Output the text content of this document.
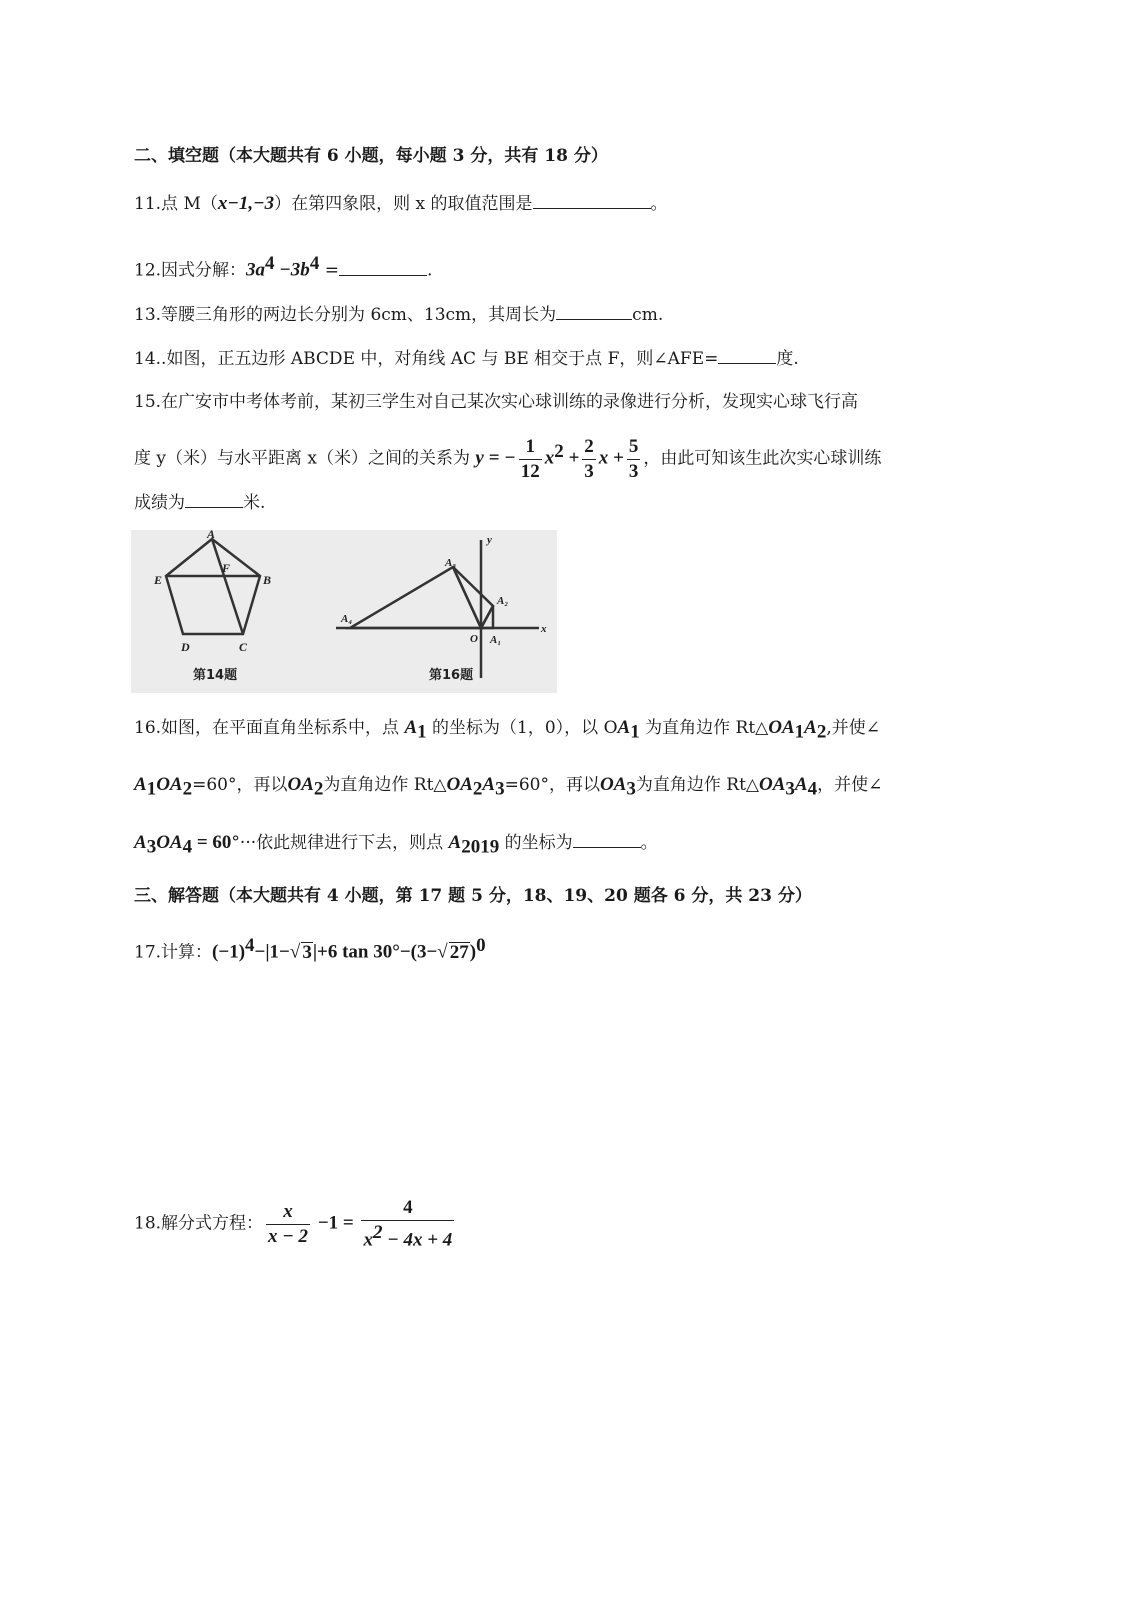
二、填空题（本大题共有 6 小题，每小题 3 分，共有 18 分）
11.点 M（x−1,−3）在第四象限，则 x 的取值范围是	。
12.因式分解：$3a^4 -3b^4$ =	.
13.等腰三角形的两边长分别为 6cm、13cm，其周长为	cm.
14..如图，正五边形 ABCDE 中，对角线 AC 与 BE 相交于点 F，则∠AFE=	度.
15.在广安市中考体考前，某初三学生对自己某次实心球训练的录像进行分析，发现实心球飞行高
度 y（米）与水平距离 x（米）之间的关系为 y = − $\frac{1}{12} x^2 + \frac{2}{3}$ $x + \frac{5}{3}$ ，由此可知该生此次实心球训练
成绩为	米.
A
B
C
D
E
F
第14题
y
x
O A₁
A₂
A₃
A₄
第16题
16.如图，在平面直角坐标系中，点 $A_1$ 的坐标为（1，0），以 $OA_1$ 为直角边作 $Rt\triangle OA_1A_2$,并使∠
$A_1OA_2=60^\circ$，再以$OA_2$为直角边作 $Rt\triangle OA_2A_3=60^\circ$，再以$OA_3$为直角边作 $Rt\triangle OA_3A_4$，并使∠
$A_3OA_4 = 60^\circ\cdot\cdot\cdot$依此规律进行下去，则点 $A_{2019}$ 的坐标为	。
三、解答题（本大题共有 4 小题，第 17 题 5 分，18、19、20 题各 6 分，共 23 分）
17.计算：$(-1)^4-|1-√$ 3|+6 tan 30°−(3−√ 27)$^0$
18.解分式方程： $\frac{x}{x - 2} -1 = \frac{4}{x^2 - 4x + 4}$
